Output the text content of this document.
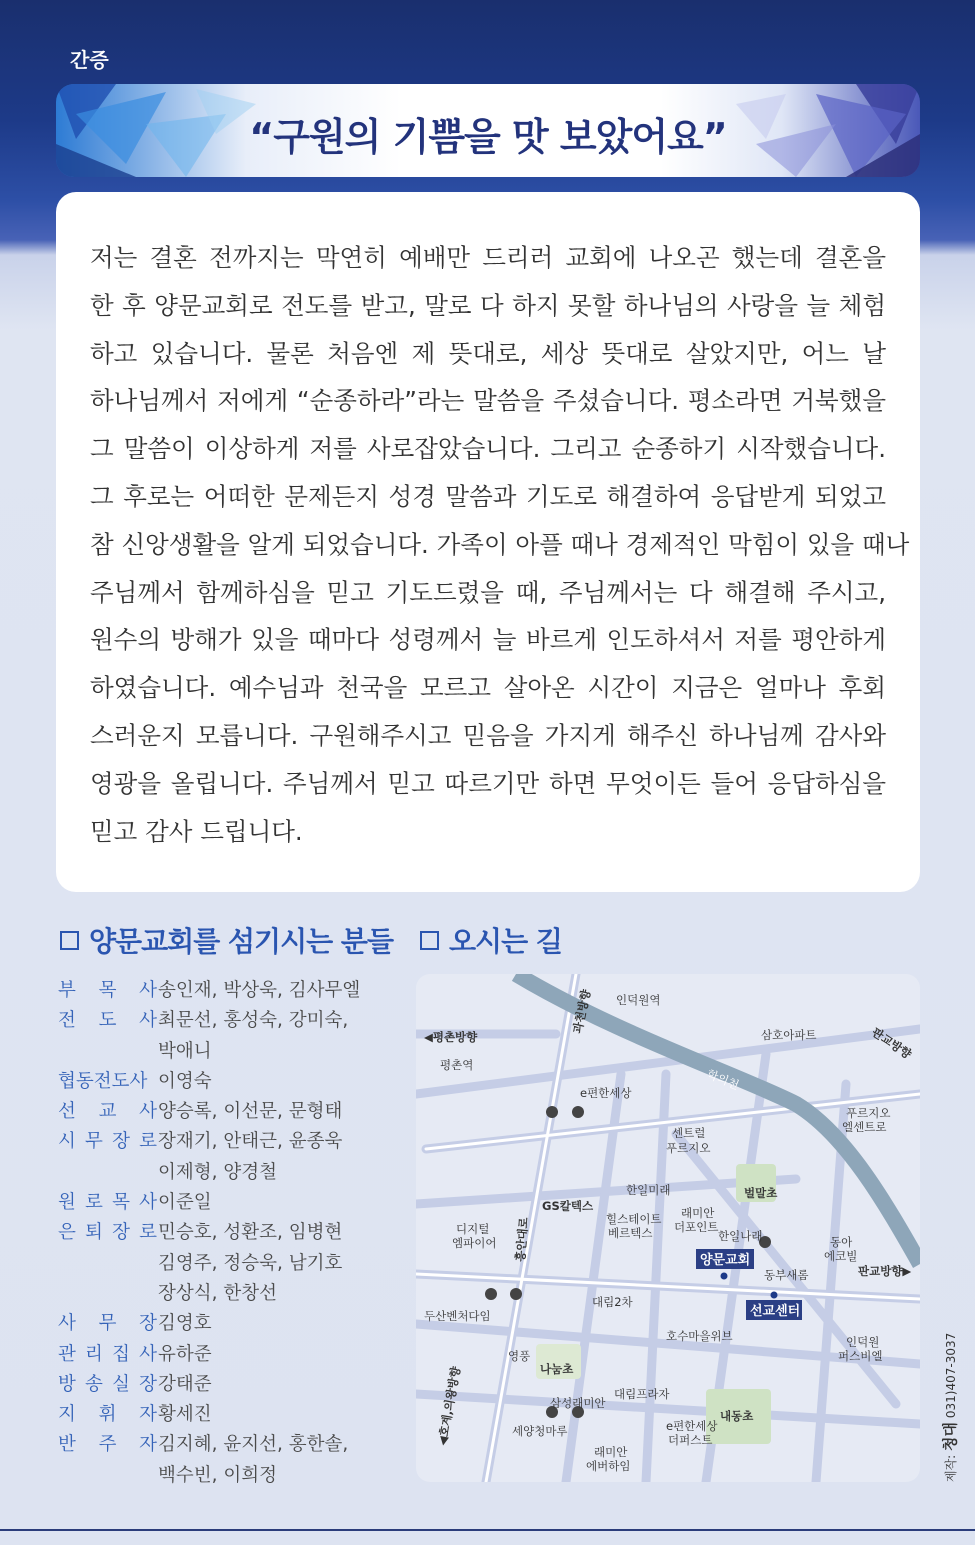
간증
“구원의 기쁨을 맛 보았어요”
저는 결혼 전까지는 막연히 예배만 드리러 교회에 나오곤 했는데 결혼을
한 후 양문교회로 전도를 받고, 말로 다 하지 못할 하나님의 사랑을 늘 체험
하고 있습니다. 물론 처음엔 제 뜻대로, 세상 뜻대로 살았지만, 어느 날
하나님께서 저에게 “순종하라”라는 말씀을 주셨습니다. 평소라면 거북했을
그 말씀이 이상하게 저를 사로잡았습니다. 그리고 순종하기 시작했습니다.
그 후로는 어떠한 문제든지 성경 말씀과 기도로 해결하여 응답받게 되었고
참 신앙생활을 알게 되었습니다. 가족이 아플 때나 경제적인 막힘이 있을 때나
주님께서 함께하심을 믿고 기도드렸을 때, 주님께서는 다 해결해 주시고,
원수의 방해가 있을 때마다 성령께서 늘 바르게 인도하셔서 저를 평안하게
하였습니다. 예수님과 천국을 모르고 살아온 시간이 지금은 얼마나 후회
스러운지 모릅니다. 구원해주시고 믿음을 가지게 해주신 하나님께 감사와
영광을 올립니다. 주님께서 믿고 따르기만 하면 무엇이든 들어 응답하심을
믿고 감사 드립니다.
양문교회를 섬기시는 분들 오시는 길
부 목 사 송인재, 박상욱, 김사무엘
전 도 사 최문선, 홍성숙, 강미숙,
박애니
협동전도사 이영숙
선 교 사 양승록, 이선문, 문형태
시 무 장 로 장재기, 안태근, 윤종욱
이제형, 양경철
원 로 목 사 이준일
은 퇴 장 로 민승호, 성환조, 임병현
김영주, 정승욱, 남기호
장상식, 한창선
사 무 장 김영호
관 리 집 사 유하준
방 송 실 장 강태준
지 휘 자 황세진
반 주 자 김지혜, 윤지선, 홍한솔,
백수빈, 이희정
◀평촌방향
평촌역
인덕원역
삼호아파트
e편한세상
센트럴
푸르지오
푸르지오
엘센트로
GS칼텍스
한일미래
힐스테이트
베르텍스
래미안
더포인트
벌말초
한일나래	동아
에코빌
디지털
엠파이어
동부새롬	판교방향▶
대림2차
두산벤처다임
호수마을위브	인덕원
퍼스비엘
영풍
나눔초
대림프라자
삼성래미안
세양청마루	e편한세상
더퍼스트
내동초
래미안
에버하임
양문교회
선교센터
학의천
과천방향
판교방향
흥안대로
◀호계,의왕방향
제작: 청대 031)407-3037
